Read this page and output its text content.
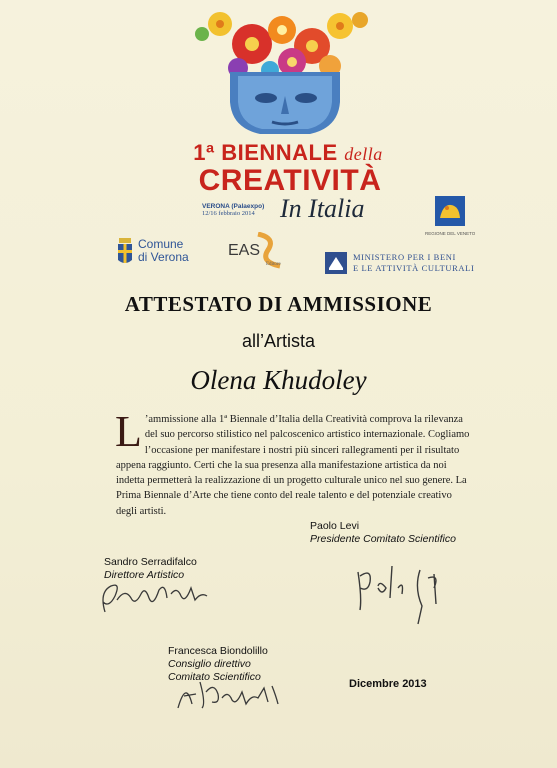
1ª BIENNALE della
CREATIVITÀ
VERONA (Palaexpo)
12/16 febbraio 2014 In Italia
REGIONE DEL VENETO
Comune
di Verona EAS
Editore
MINISTERO PER I BENI
E LE ATTIVITÀ CULTURALI
ATTESTATO DI AMMISSIONE
all’Artista
Olena Khudoley
L ’ammissione alla 1ª Biennale d’Italia della Creatività comprova la rilevanza del suo percorso stilistico nel palcoscenico artistico internazionale. Cogliamo l’occasione per manifestare i nostri più sinceri rallegramenti per il risultato appena raggiunto. Certi che la sua presenza alla manifestazione artistica da noi indetta permetterà la realizzazione di un progetto culturale unico nel suo genere. La Prima Biennale d’Arte che tiene conto del reale talento e del potenziale creativo degli artisti.
Paolo Levi
Presidente Comitato Scientifico
Sandro Serradifalco
Direttore Artistico
Francesca Biondolillo
Consiglio direttivo
Comitato Scientifico
Dicembre 2013
